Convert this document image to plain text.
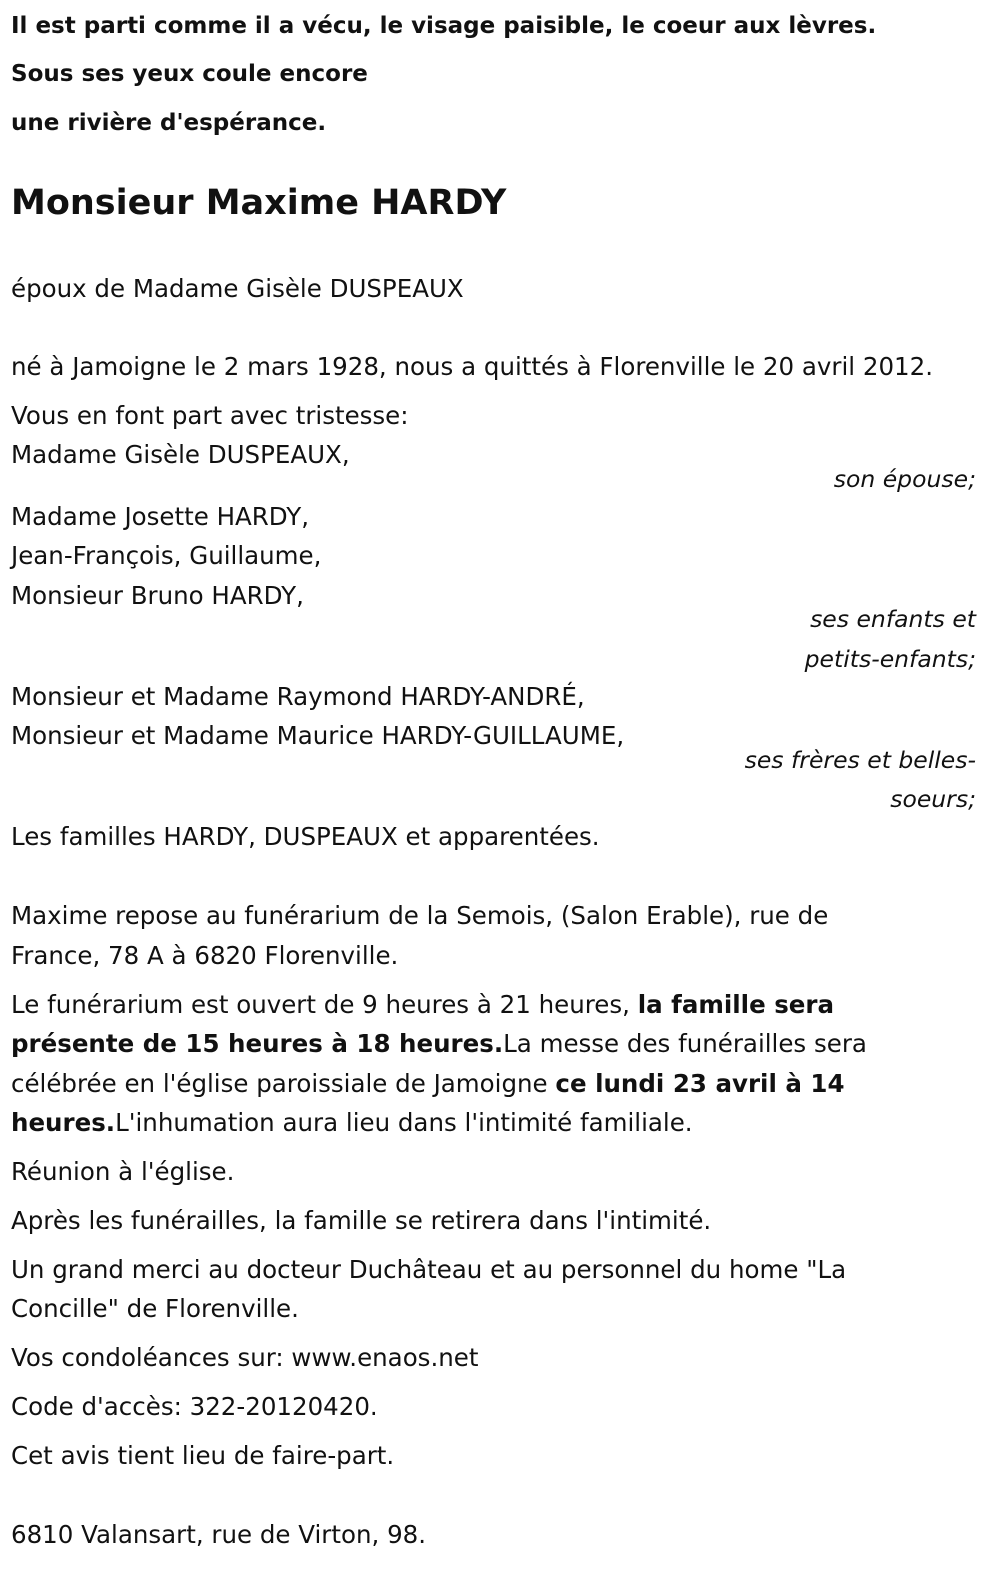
Il est parti comme il a vécu, le visage paisible, le coeur aux lèvres.
Sous ses yeux coule encore
une rivière d'espérance.
Monsieur Maxime HARDY
époux de Madame Gisèle DUSPEAUX
né à Jamoigne le 2 mars 1928, nous a quittés à Florenville le 20 avril 2012.
Vous en font part avec tristesse:
Madame Gisèle DUSPEAUX,
son épouse;
Madame Josette HARDY,
Jean-François, Guillaume,
Monsieur Bruno HARDY,
ses enfants et
petits-enfants;
Monsieur et Madame Raymond HARDY-ANDRÉ,
Monsieur et Madame Maurice HARDY-GUILLAUME,
ses frères et belles-
soeurs;
Les familles HARDY, DUSPEAUX et apparentées.
Maxime repose au funérarium de la Semois, (Salon Erable), rue de
France, 78 A à 6820 Florenville.
Le funérarium est ouvert de 9 heures à 21 heures, la famille sera
présente de 15 heures à 18 heures.La messe des funérailles sera
célébrée en l'église paroissiale de Jamoigne ce lundi 23 avril à 14
heures.L'inhumation aura lieu dans l'intimité familiale.
Réunion à l'église.
Après les funérailles, la famille se retirera dans l'intimité.
Un grand merci au docteur Duchâteau et au personnel du home "La
Concille" de Florenville.
Vos condoléances sur: www.enaos.net
Code d'accès: 322-20120420.
Cet avis tient lieu de faire-part.
6810 Valansart, rue de Virton, 98.
